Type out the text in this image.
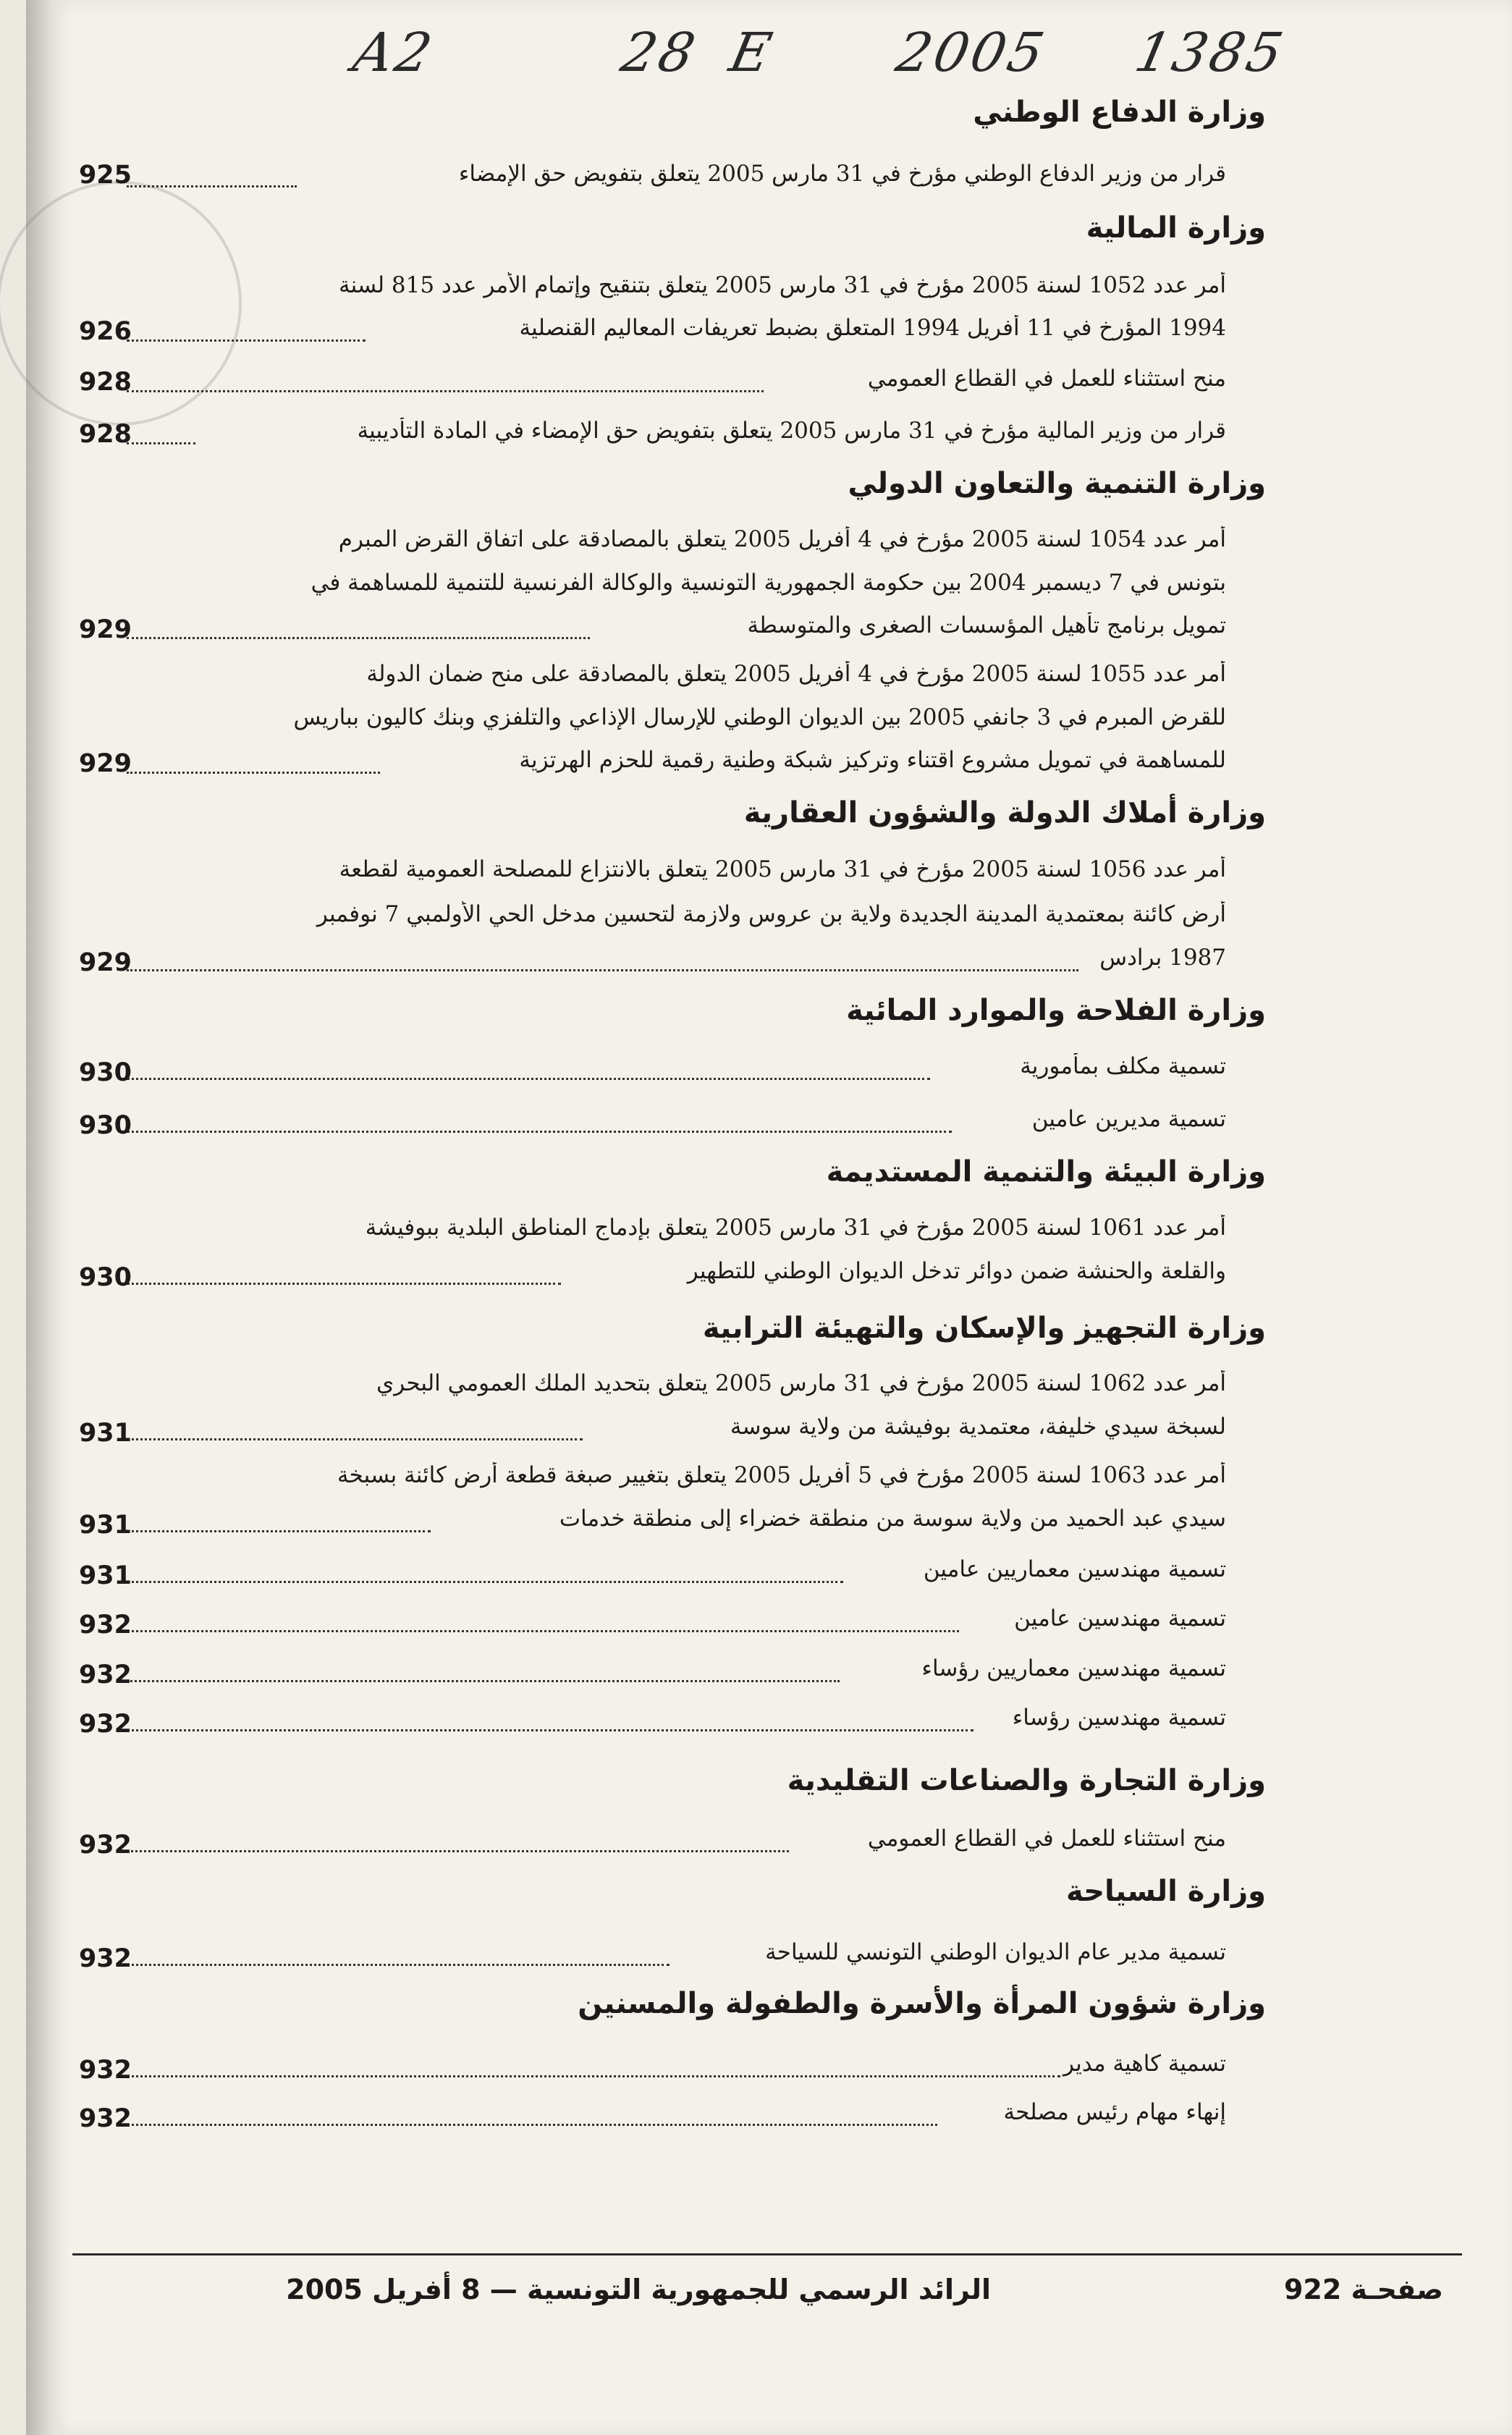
A2	28 E 2005 1385
وزارة الدفاع الوطني
قرار من وزير الدفاع الوطني مؤرخ في 31 مارس 2005 يتعلق بتفويض حق الإمضاء
925
وزارة المالية
أمر عدد 1052 لسنة 2005 مؤرخ في 31 مارس 2005 يتعلق بتنقيح وإتمام الأمر عدد 815 لسنة
1994 المؤرخ في 11 أفريل 1994 المتعلق بضبط تعريفات المعاليم القنصلية
926
منح استثناء للعمل في القطاع العمومي
928
قرار من وزير المالية مؤرخ في 31 مارس 2005 يتعلق بتفويض حق الإمضاء في المادة التأديبية
928
وزارة التنمية والتعاون الدولي
أمر عدد 1054 لسنة 2005 مؤرخ في 4 أفريل 2005 يتعلق بالمصادقة على اتفاق القرض المبرم
بتونس في 7 ديسمبر 2004 بين حكومة الجمهورية التونسية والوكالة الفرنسية للتنمية للمساهمة في
تمويل برنامج تأهيل المؤسسات الصغرى والمتوسطة
929
أمر عدد 1055 لسنة 2005 مؤرخ في 4 أفريل 2005 يتعلق بالمصادقة على منح ضمان الدولة
للقرض المبرم في 3 جانفي 2005 بين الديوان الوطني للإرسال الإذاعي والتلفزي وبنك كاليون بباريس
للمساهمة في تمويل مشروع اقتناء وتركيز شبكة وطنية رقمية للحزم الهرتزية
929
وزارة أملاك الدولة والشؤون العقارية
أمر عدد 1056 لسنة 2005 مؤرخ في 31 مارس 2005 يتعلق بالانتزاع للمصلحة العمومية لقطعة
أرض كائنة بمعتمدية المدينة الجديدة ولاية بن عروس ولازمة لتحسين مدخل الحي الأولمبي 7 نوفمبر
1987 برادس
929
وزارة الفلاحة والموارد المائية
تسمية مكلف بمأمورية
930
تسمية مديرين عامين
930
وزارة البيئة والتنمية المستديمة
أمر عدد 1061 لسنة 2005 مؤرخ في 31 مارس 2005 يتعلق بإدماج المناطق البلدية ببوفيشة
والقلعة والحنشة ضمن دوائر تدخل الديوان الوطني للتطهير
930
وزارة التجهيز والإسكان والتهيئة الترابية
أمر عدد 1062 لسنة 2005 مؤرخ في 31 مارس 2005 يتعلق بتحديد الملك العمومي البحري
لسبخة سيدي خليفة، معتمدية بوفيشة من ولاية سوسة
931
أمر عدد 1063 لسنة 2005 مؤرخ في 5 أفريل 2005 يتعلق بتغيير صبغة قطعة أرض كائنة بسبخة
سيدي عبد الحميد من ولاية سوسة من منطقة خضراء إلى منطقة خدمات
931
تسمية مهندسين معماريين عامين
931
تسمية مهندسين عامين
932
تسمية مهندسين معماريين رؤساء
932
تسمية مهندسين رؤساء
932
وزارة التجارة والصناعات التقليدية
منح استثناء للعمل في القطاع العمومي
932
وزارة السياحة
تسمية مدير عام الديوان الوطني التونسي للسياحة
932
وزارة شؤون المرأة والأسرة والطفولة والمسنين
تسمية كاهية مدير
932
إنهاء مهام رئيس مصلحة
932
صفحـة 922
الرائد الرسمي للجمهورية التونسية — 8 أفريل 2005
